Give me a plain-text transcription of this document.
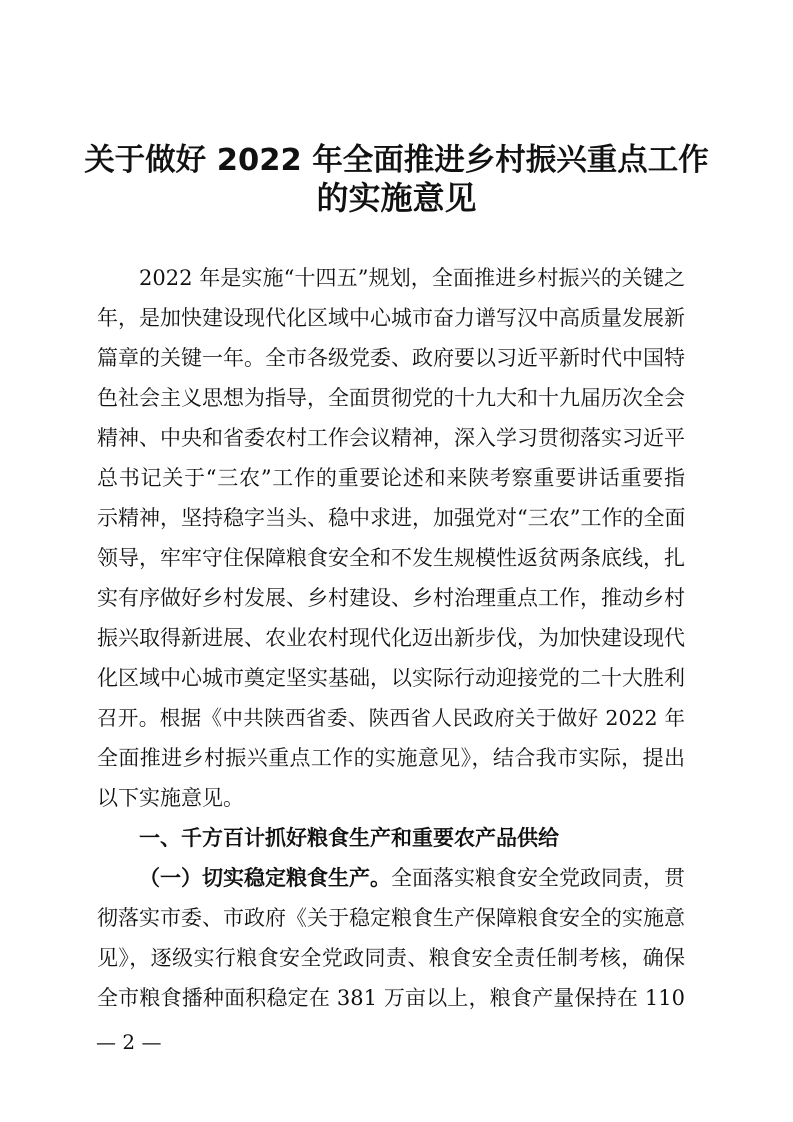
关于做好 2022 年全面推进乡村振兴重点工作
的实施意见
2022 年是实施“十四五”规划，全面推进乡村振兴的关键之
年，是加快建设现代化区域中心城市奋力谱写汉中高质量发展新
篇章的关键一年。全市各级党委、政府要以习近平新时代中国特
色社会主义思想为指导，全面贯彻党的十九大和十九届历次全会
精神、中央和省委农村工作会议精神，深入学习贯彻落实习近平
总书记关于“三农”工作的重要论述和来陕考察重要讲话重要指
示精神，坚持稳字当头、稳中求进，加强党对“三农”工作的全面
领导，牢牢守住保障粮食安全和不发生规模性返贫两条底线，扎
实有序做好乡村发展、乡村建设、乡村治理重点工作，推动乡村
振兴取得新进展、农业农村现代化迈出新步伐，为加快建设现代
化区域中心城市奠定坚实基础，以实际行动迎接党的二十大胜利
召开。根据《中共陕西省委、陕西省人民政府关于做好 2022 年
全面推进乡村振兴重点工作的实施意见》，结合我市实际，提出
以下实施意见。
一、千方百计抓好粮食生产和重要农产品供给
（一）切实稳定粮食生产。全面落实粮食安全党政同责，贯
彻落实市委、市政府《关于稳定粮食生产保障粮食安全的实施意
见》，逐级实行粮食安全党政同责、粮食安全责任制考核，确保
全市粮食播种面积稳定在 381 万亩以上，粮食产量保持在 110
— 2 —
